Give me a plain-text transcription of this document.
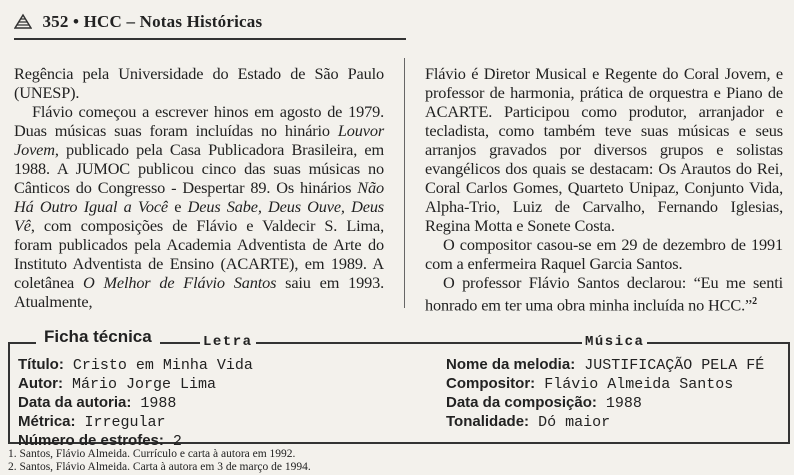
352 • HCC – Notas Históricas

Regência pela Universidade do Estado de São Paulo (UNESP).

Flávio começou a escrever hinos em agosto de 1979. Duas músicas suas foram incluídas no hinário Louvor Jovem, publicado pela Casa Publicadora Brasileira, em 1988. A JUMOC publicou cinco das suas músicas no Cânticos do Congresso - Despertar 89. Os hinários Não Há Outro Igual a Você e Deus Sabe, Deus Ouve, Deus Vê, com composições de Flávio e Valdecir S. Lima, foram publicados pela Academia Adventista de Arte do Instituto Adventista de Ensino (ACARTE), em 1989. A coletânea O Melhor de Flávio Santos saiu em 1993. Atualmente,

Flávio é Diretor Musical e Regente do Coral Jovem, e professor de harmonia, prática de orquestra e Piano de ACARTE. Participou como produtor, arranjador e tecladista, como também teve suas músicas e seus arranjos gravados por diversos grupos e solistas evangélicos dos quais se destacam: Os Arautos do Rei, Coral Carlos Gomes, Quarteto Unipaz, Conjunto Vida, Alpha-Trio, Luiz de Carvalho, Fernando Iglesias, Regina Motta e Sonete Costa.

O compositor casou-se em 29 de dezembro de 1991 com a enfermeira Raquel Garcia Santos.

O professor Flávio Santos declarou: “Eu me senti honrado em ter uma obra minha incluída no HCC.”$^2$

Ficha técnica	Letra	Música
Título: Cristo em Minha Vida
Autor: Mário Jorge Lima
Data da autoria: 1988
Métrica: Irregular
Número de estrofes: 2
Nome da melodia: JUSTIFICAÇÃO PELA FÉ
Compositor: Flávio Almeida Santos
Data da composição: 1988
Tonalidade: Dó maior
1. Santos, Flávio Almeida. Currículo e carta à autora em 1992.
2. Santos, Flávio Almeida. Carta à autora em 3 de março de 1994.
